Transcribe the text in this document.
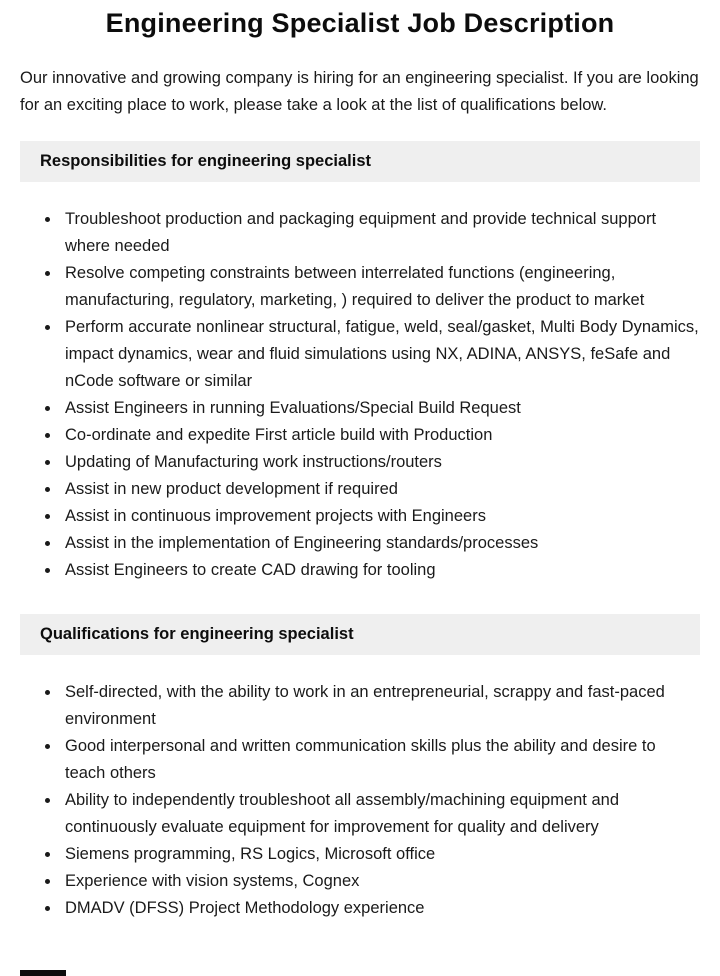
Engineering Specialist Job Description

Our innovative and growing company is hiring for an engineering specialist. If you are looking for an exciting place to work, please take a look at the list of qualifications below.

Responsibilities for engineering specialist
• Troubleshoot production and packaging equipment and provide technical support where needed
• Resolve competing constraints between interrelated functions (engineering, manufacturing, regulatory, marketing, ) required to deliver the product to market
• Perform accurate nonlinear structural, fatigue, weld, seal/gasket, Multi Body Dynamics, impact dynamics, wear and fluid simulations using NX, ADINA, ANSYS, feSafe and nCode software or similar
• Assist Engineers in running Evaluations/Special Build Request
• Co-ordinate and expedite First article build with Production
• Updating of Manufacturing work instructions/routers
• Assist in new product development if required
• Assist in continuous improvement projects with Engineers
• Assist in the implementation of Engineering standards/processes
• Assist Engineers to create CAD drawing for tooling
Qualifications for engineering specialist
• Self-directed, with the ability to work in an entrepreneurial, scrappy and fast-paced environment
• Good interpersonal and written communication skills plus the ability and desire to teach others
• Ability to independently troubleshoot all assembly/machining equipment and continuously evaluate equipment for improvement for quality and delivery
• Siemens programming, RS Logics, Microsoft office
• Experience with vision systems, Cognex
• DMADV (DFSS) Project Methodology experience
